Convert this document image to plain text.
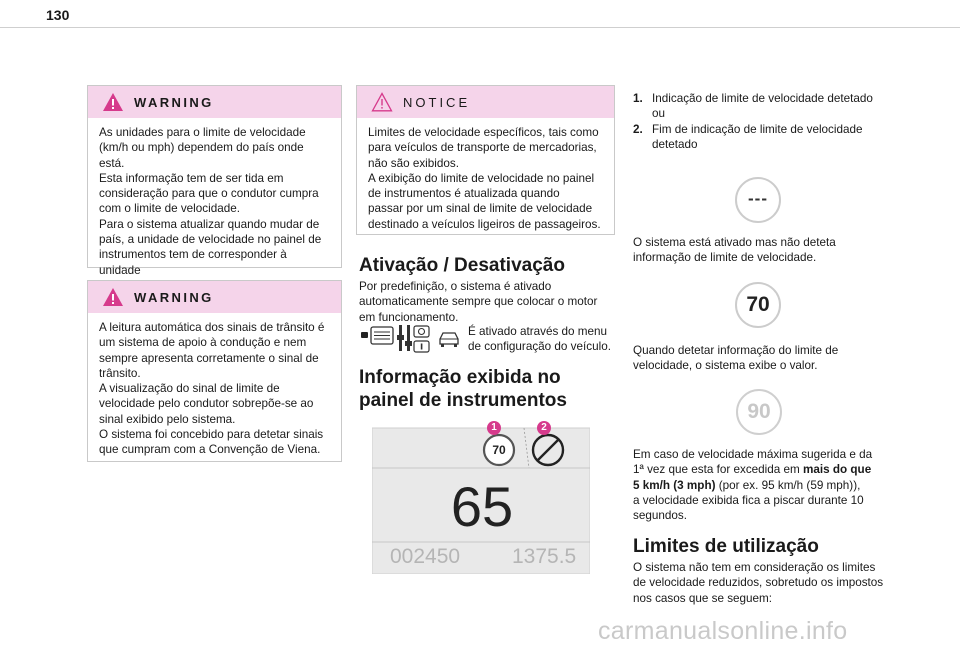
130
WARNING
As unidades para o limite de velocidade
(km/h ou mph) dependem do país onde está.
Esta informação tem de ser tida em
consideração para que o condutor cumpra
com o limite de velocidade.
Para o sistema atualizar quando mudar de
país, a unidade de velocidade no painel de
instrumentos tem de corresponder à unidade
WARNING
A leitura automática dos sinais de trânsito é
um sistema de apoio à condução e nem
sempre apresenta corretamente o sinal de
trânsito.
A visualização do sinal de limite de
velocidade pelo condutor sobrepõe-se ao
sinal exibido pelo sistema.
O sistema foi concebido para detetar sinais
que cumpram com a Convenção de Viena.
NOTICE
Limites de velocidade específicos, tais como
para veículos de transporte de mercadorias,
não são exibidos.
A exibição do limite de velocidade no painel
de instrumentos é atualizada quando
passar por um sinal de limite de velocidade
destinado a veículos ligeiros de passageiros.
Ativação / Desativação
Por predefinição, o sistema é ativado
automaticamente sempre que colocar o motor
em funcionamento.
É ativado através do menu
de configuração do veículo.
Informação exibida no
painel de instrumentos
1	2
70
65
002450 1375.5
1. Indicação de limite de velocidade detetado
ou
2. Fim de indicação de limite de velocidade
detetado
---
O sistema está ativado mas não deteta
informação de limite de velocidade.
70
Quando detetar informação do limite de
velocidade, o sistema exibe o valor.
90
Em caso de velocidade máxima sugerida e da
1ª vez que esta for excedida em mais do que
5 km/h (3 mph) (por ex. 95 km/h (59 mph)),
a velocidade exibida fica a piscar durante 10
segundos.
Limites de utilização
O sistema não tem em consideração os limites
de velocidade reduzidos, sobretudo os impostos
nos casos que se seguem:
carmanualsonline.info
